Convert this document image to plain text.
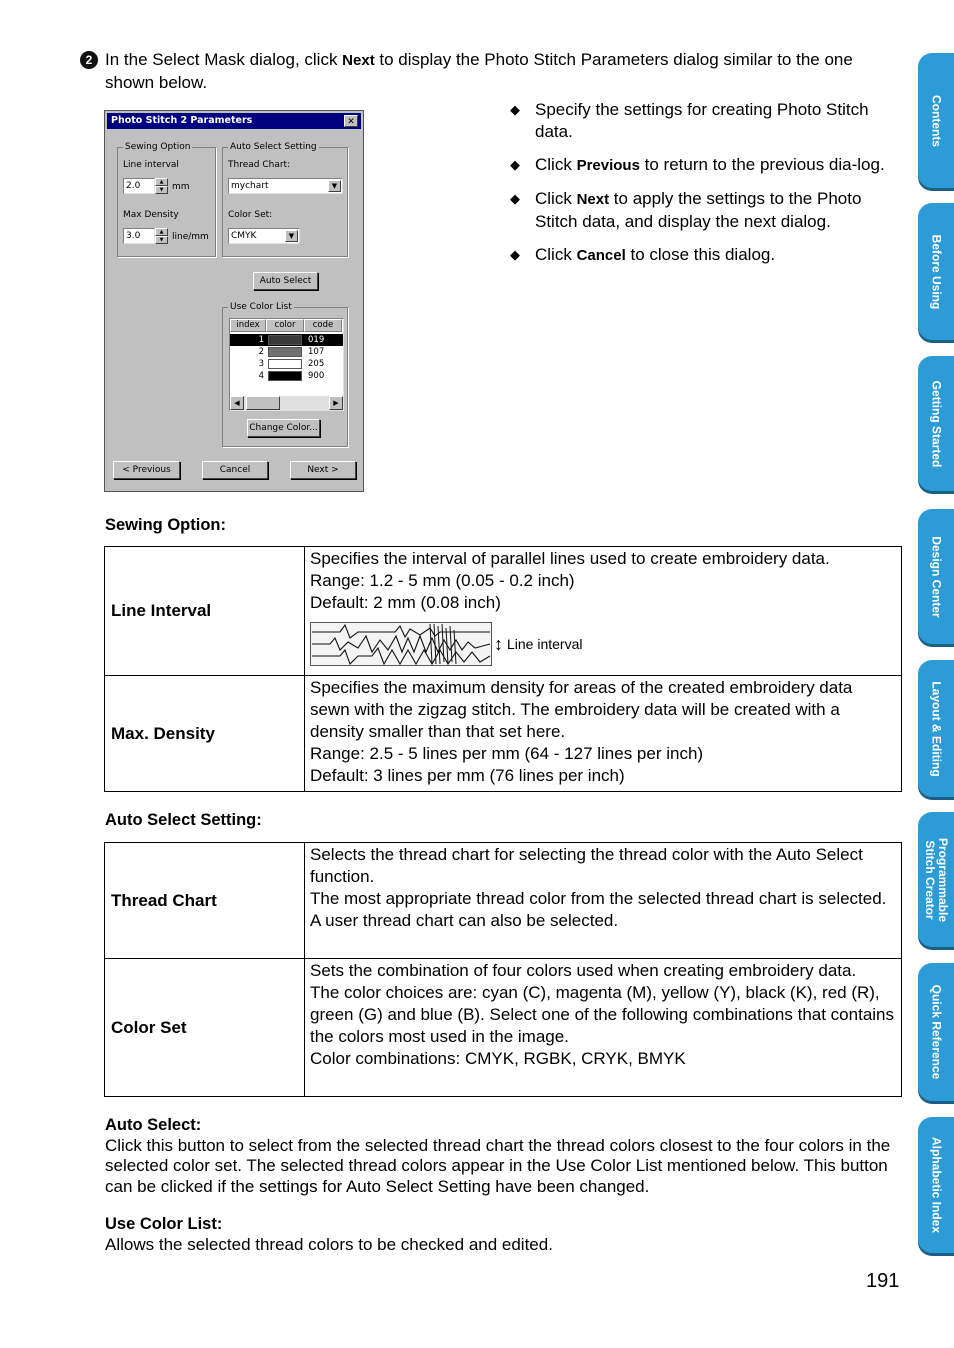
2 In the Select Mask dialog, click Next to display the Photo Stitch Parameters dialog similar to the one shown below.
Photo Stitch 2 Parameters	✕
Sewing Option
Line interval
2.0	▲
▼ mm
Max Density
3.0	▲
▼ line/mm
Auto Select Setting
Thread Chart:
mychart	▼
Color Set:
CMYK	▼
Auto Select
Use Color List
index	color	code
1	019
2	107
3	205
4	900
◀	▶
Change Color...
< Previous	Cancel	Next >
◆ Specify the settings for creating Photo Stitch data.
◆ Click Previous to return to the previous dia-log.
◆ Click Next to apply the settings to the Photo Stitch data, and display the next dialog.
◆ Click Cancel to close this dialog.
Sewing Option:
Line Interval	Specifies the interval of parallel lines used to create embroidery data.
Range: 1.2 - 5 mm (0.05 - 0.2 inch)
Default: 2 mm (0.08 inch)
↕ Line interval

Max. Density	Specifies the maximum density for areas of the created embroidery data sewn with the zigzag stitch. The embroidery data will be created with a density smaller than that set here.
Range: 2.5 - 5 lines per mm (64 - 127 lines per inch)
Default: 3 lines per mm (76 lines per inch)
Auto Select Setting:
Thread Chart	Selects the thread chart for selecting the thread color with the Auto Select function.
The most appropriate thread color from the selected thread chart is selected.
A user thread chart can also be selected.

Color Set	Sets the combination of four colors used when creating embroidery data.
The color choices are: cyan (C), magenta (M), yellow (Y), black (K), red (R), green (G) and blue (B). Select one of the following combinations that contains the colors most used in the image.
Color combinations: CMYK, RGBK, CRYK, BMYK
Auto Select:
Click this button to select from the selected thread chart the thread colors closest to the four colors in the selected color set. The selected thread colors appear in the Use Color List mentioned below. This button can be clicked if the settings for Auto Select Setting have been changed.
Use Color List:
Allows the selected thread colors to be checked and edited.
191
Contents
Before Using
Getting Started
Design Center
Layout & Editing
Programmable Stitch Creator
Quick Reference
Alphabetic Index
